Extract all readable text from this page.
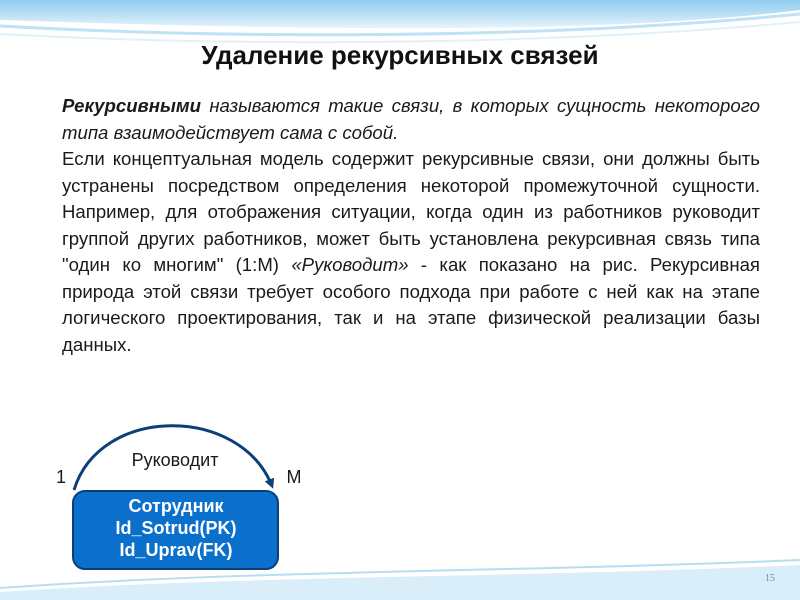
Удаление рекурсивных связей

Рекурсивными называются такие связи, в которых сущность некоторого типа взаимодействует сама с собой.

Если концептуальная модель содержит рекурсивные связи, они должны быть устранены посредством определения некоторой промежуточной сущности. Например, для отображения ситуации, когда один из работников руководит группой других работников, может быть установлена рекурсивная связь типа "один ко многим" (1:M) «Руководит» - как показано на рис. Рекурсивная природа этой связи требует особого подхода при работе с ней как на этапе логического проектирования, так и на этапе физической реализации базы данных.

Руководит
1	M
Сотрудник
Id_Sotrud(PK)
Id_Uprav(FK)
15
